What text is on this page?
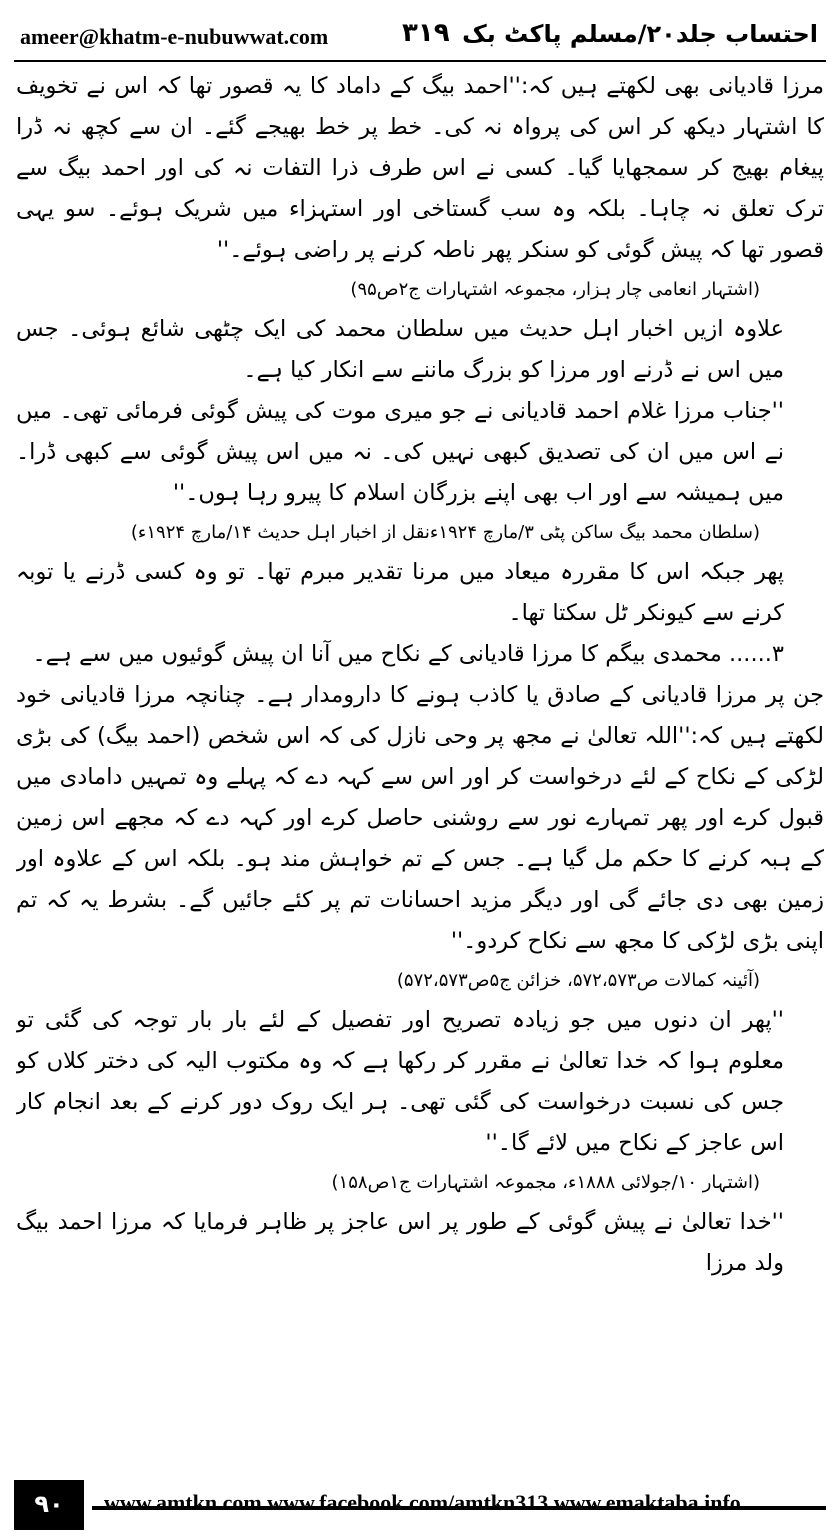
ameer@khatm-e-nubuwwat.com	۳۱۹ احتساب جلد۲۰/مسلم پاکٹ بک

مرزا قادیانی بھی لکھتے ہیں کہ:''احمد بیگ کے داماد کا یہ قصور تھا کہ اس نے تخویف کا اشتہار دیکھ کر اس کی پرواہ نہ کی۔ خط پر خط بھیجے گئے۔ ان سے کچھ نہ ڈرا پیغام بھیج کر سمجھایا گیا۔ کسی نے اس طرف ذرا التفات نہ کی اور احمد بیگ سے ترک تعلق نہ چاہا۔ بلکہ وہ سب گستاخی اور استہزاء میں شریک ہوئے۔ سو یہی قصور تھا کہ پیش گوئی کو سنکر پھر ناطہ کرنے پر راضی ہوئے۔''

(اشتہار انعامی چار ہزار، مجموعہ اشتہارات ج۲ص۹۵)

علاوہ ازیں اخبار اہل حدیث میں سلطان محمد کی ایک چٹھی شائع ہوئی۔ جس میں اس نے ڈرنے اور مرزا کو بزرگ ماننے سے انکار کیا ہے۔

''جناب مرزا غلام احمد قادیانی نے جو میری موت کی پیش گوئی فرمائی تھی۔ میں نے اس میں ان کی تصدیق کبھی نہیں کی۔ نہ میں اس پیش گوئی سے کبھی ڈرا۔ میں ہمیشہ سے اور اب بھی اپنے بزرگان اسلام کا پیرو رہا ہوں۔''

(سلطان محمد بیگ ساکن پٹی ۳/مارچ ۱۹۲۴ءنقل از اخبار اہل حدیث ۱۴/مارچ ۱۹۲۴ء)

پھر جبکہ اس کا مقررہ میعاد میں مرنا تقدیر مبرم تھا۔ تو وہ کسی ڈرنے یا توبہ کرنے سے کیونکر ٹل سکتا تھا۔

۳...... محمدی بیگم کا مرزا قادیانی کے نکاح میں آنا ان پیش گوئیوں میں سے ہے۔

جن پر مرزا قادیانی کے صادق یا کاذب ہونے کا دارومدار ہے۔ چنانچہ مرزا قادیانی خود لکھتے ہیں کہ:''اللہ تعالیٰ نے مجھ پر وحی نازل کی کہ اس شخص (احمد بیگ) کی بڑی لڑکی کے نکاح کے لئے درخواست کر اور اس سے کہہ دے کہ پہلے وہ تمہیں دامادی میں قبول کرے اور پھر تمہارے نور سے روشنی حاصل کرے اور کہہ دے کہ مجھے اس زمین کے ہبہ کرنے کا حکم مل گیا ہے۔ جس کے تم خواہش مند ہو۔ بلکہ اس کے علاوہ اور زمین بھی دی جائے گی اور دیگر مزید احسانات تم پر کئے جائیں گے۔ بشرط یہ کہ تم اپنی بڑی لڑکی کا مجھ سے نکاح کردو۔''

(آئینہ کمالات ص۵۷۲،۵۷۳، خزائن ج۵ص۵۷۲،۵۷۳)

''پھر ان دنوں میں جو زیادہ تصریح اور تفصیل کے لئے بار بار توجہ کی گئی تو معلوم ہوا کہ خدا تعالیٰ نے مقرر کر رکھا ہے کہ وہ مکتوب الیہ کی دختر کلاں کو جس کی نسبت درخواست کی گئی تھی۔ ہر ایک روک دور کرنے کے بعد انجام کار اس عاجز کے نکاح میں لائے گا۔''

(اشتہار ۱۰/جولائی ۱۸۸۸ء، مجموعہ اشتہارات ج۱ص۱۵۸)

''خدا تعالیٰ نے پیش گوئی کے طور پر اس عاجز پر ظاہر فرمایا کہ مرزا احمد بیگ ولد مرزا

۹۰	www.amtkn.com www.facebook.com/amtkn313 www.emaktaba.info
